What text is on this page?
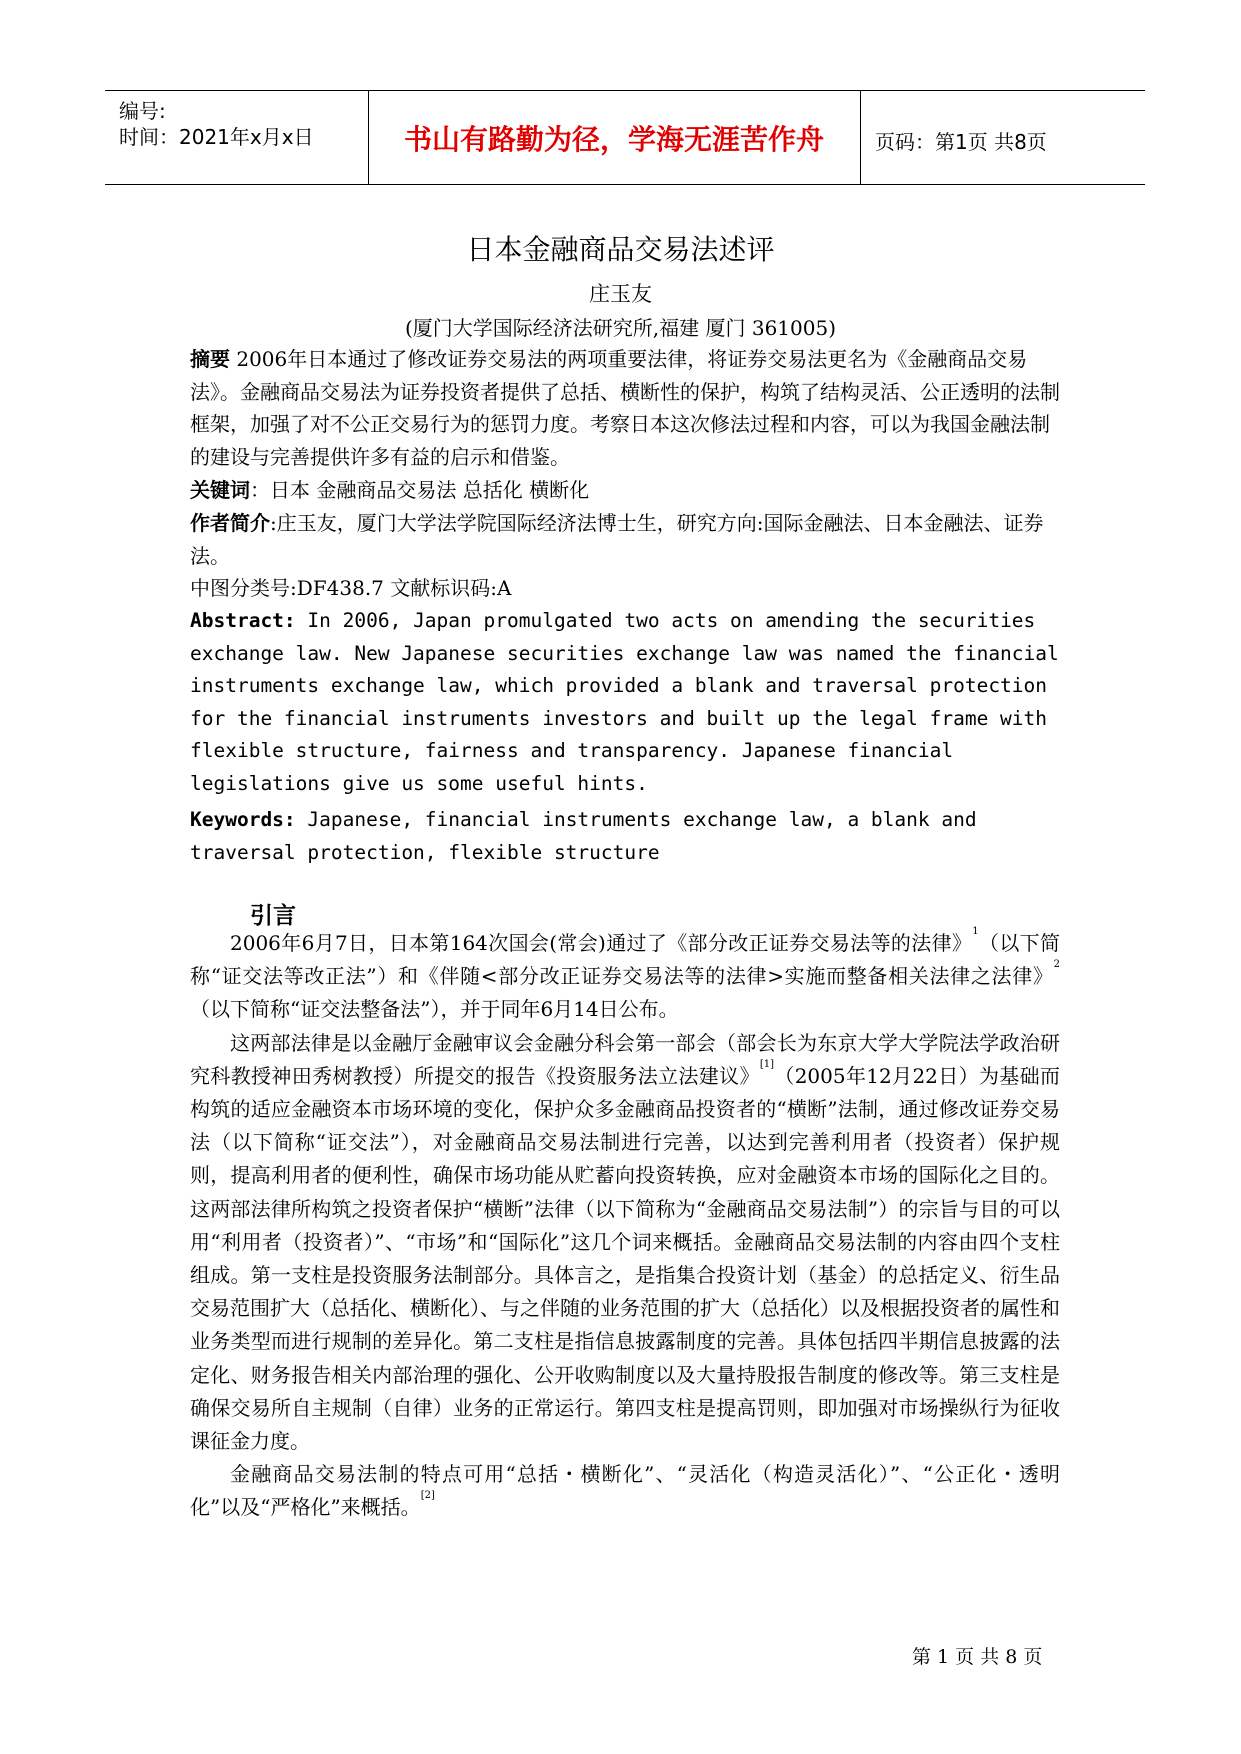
编号:
时间：2021年x月x日	书山有路勤为径，学海无涯苦作舟	页码：第1页 共8页
日本金融商品交易法述评
庄玉友
(厦门大学国际经济法研究所,福建 厦门 361005)
摘要 2006年日本通过了修改证券交易法的两项重要法律，将证券交易法更名为《金融商品交易法》。金融商品交易法为证券投资者提供了总括、横断性的保护，构筑了结构灵活、公正透明的法制框架，加强了对不公正交易行为的惩罚力度。考察日本这次修法过程和内容，可以为我国金融法制的建设与完善提供许多有益的启示和借鉴。
关键词：日本 金融商品交易法 总括化 横断化
作者简介:庄玉友，厦门大学法学院国际经济法博士生，研究方向:国际金融法、日本金融法、证券法。
中图分类号:DF438.7 文献标识码:A
Abstract: In 2006, Japan promulgated two acts on amending the securities exchange law. New Japanese securities exchange law was named the financial instruments exchange law, which provided a blank and traversal protection for the financial instruments investors and built up the legal frame with flexible structure, fairness and transparency. Japanese financial legislations give us some useful hints.
Keywords: Japanese, financial instruments exchange law, a blank and traversal protection, flexible structure
引言

2006年6月7日，日本第164次国会(常会)通过了《部分改正证券交易法等的法律》$^1$（以下简称“证交法等改正法”）和《伴随<部分改正证券交易法等的法律>实施而整备相关法律之法律》$^2$（以下简称“证交法整备法”），并于同年6月14日公布。

这两部法律是以金融厅金融审议会金融分科会第一部会（部会长为东京大学大学院法学政治研究科教授神田秀树教授）所提交的报告《投资服务法立法建议》[1]（2005年12月22日）为基础而构筑的适应金融资本市场环境的变化，保护众多金融商品投资者的“横断”法制，通过修改证券交易法（以下简称“证交法”），对金融商品交易法制进行完善，以达到完善利用者（投资者）保护规则，提高利用者的便利性，确保市场功能从贮蓄向投资转换，应对金融资本市场的国际化之目的。这两部法律所构筑之投资者保护“横断”法律（以下简称为“金融商品交易法制”）的宗旨与目的可以用“利用者（投资者）”、“市场”和“国际化”这几个词来概括。金融商品交易法制的内容由四个支柱组成。第一支柱是投资服务法制部分。具体言之，是指集合投资计划（基金）的总括定义、衍生品交易范围扩大（总括化、横断化）、与之伴随的业务范围的扩大（总括化）以及根据投资者的属性和业务类型而进行规制的差异化。第二支柱是指信息披露制度的完善。具体包括四半期信息披露的法定化、财务报告相关内部治理的强化、公开收购制度以及大量持股报告制度的修改等。第三支柱是确保交易所自主规制（自律）业务的正常运行。第四支柱是提高罚则，即加强对市场操纵行为征收课征金力度。

金融商品交易法制的特点可用“总括・横断化”、“灵活化（构造灵活化）”、“公正化・透明化”以及“严格化”来概括。[2]

第 1 页 共 8 页
